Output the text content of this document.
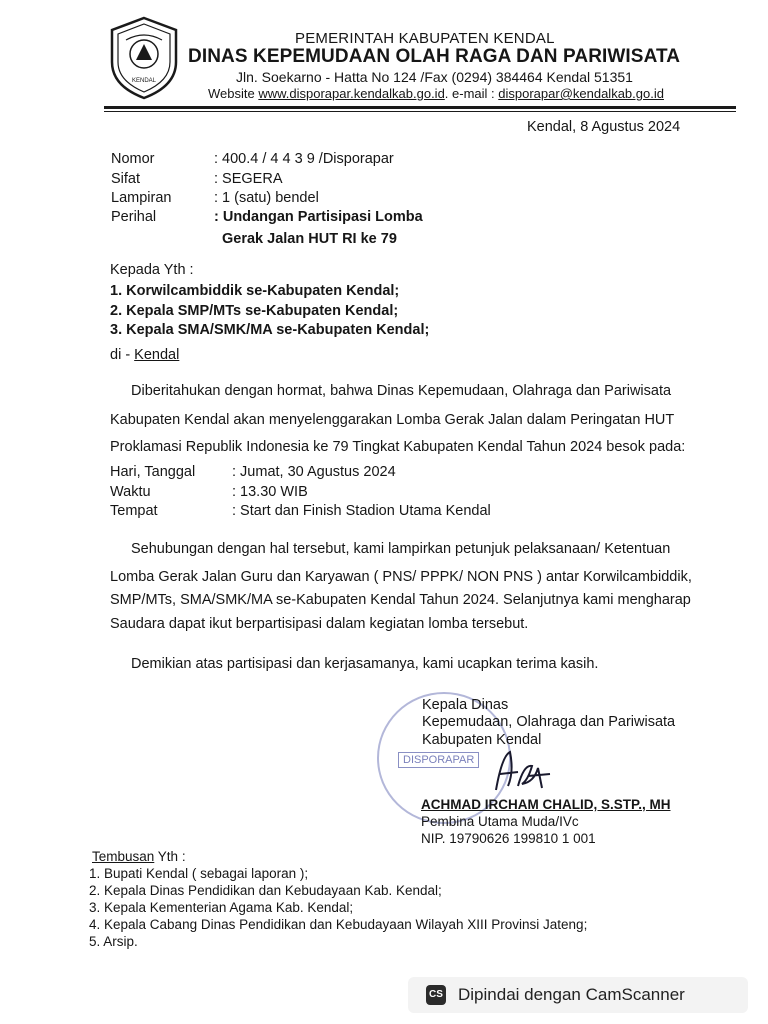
KENDAL
PEMERINTAH KABUPATEN KENDAL
DINAS KEPEMUDAAN OLAH RAGA DAN PARIWISATA
Jln. Soekarno - Hatta No 124 /Fax (0294) 384464 Kendal 51351
Website www.disporapar.kendalkab.go.id. e-mail : disporapar@kendalkab.go.id
Kendal, 8 Agustus 2024
Nomor	: 400.4 / 4 4 3 9 /Disporapar
Sifat	: SEGERA
Lampiran	: 1 (satu) bendel
Perihal	: Undangan Partisipasi Lomba
Gerak Jalan HUT RI ke 79
Kepada Yth :
1. Korwilcambiddik se-Kabupaten Kendal;
2. Kepala SMP/MTs se-Kabupaten Kendal;
3. Kepala SMA/SMK/MA se-Kabupaten Kendal;
di - Kendal
Diberitahukan dengan hormat, bahwa Dinas Kepemudaan, Olahraga dan Pariwisata
Kabupaten Kendal akan menyelenggarakan Lomba Gerak Jalan dalam Peringatan HUT
Proklamasi Republik Indonesia ke 79 Tingkat Kabupaten Kendal Tahun 2024 besok pada:
Hari, Tanggal	: Jumat, 30 Agustus 2024
Waktu	: 13.30 WIB
Tempat	: Start dan Finish Stadion Utama Kendal
Sehubungan dengan hal tersebut, kami lampirkan petunjuk pelaksanaan/ Ketentuan
Lomba Gerak Jalan Guru dan Karyawan ( PNS/ PPPK/ NON PNS ) antar Korwilcambiddik,
SMP/MTs, SMA/SMK/MA se-Kabupaten Kendal Tahun 2024. Selanjutnya kami mengharap
Saudara dapat ikut berpartisipasi dalam kegiatan lomba tersebut.
Demikian atas partisipasi dan kerjasamanya, kami ucapkan terima kasih.
DISPORAPAR
Kepala Dinas
Kepemudaan, Olahraga dan Pariwisata
Kabupaten Kendal
ACHMAD IRCHAM CHALID, S.STP., MH
Pembina Utama Muda/IVc
NIP. 19790626 199810 1 001
Tembusan Yth :
1. Bupati Kendal ( sebagai laporan );
2. Kepala Dinas Pendidikan dan Kebudayaan Kab. Kendal;
3. Kepala Kementerian Agama Kab. Kendal;
4. Kepala Cabang Dinas Pendidikan dan Kebudayaan Wilayah XIII Provinsi Jateng;
5. Arsip.
CS Dipindai dengan CamScanner
